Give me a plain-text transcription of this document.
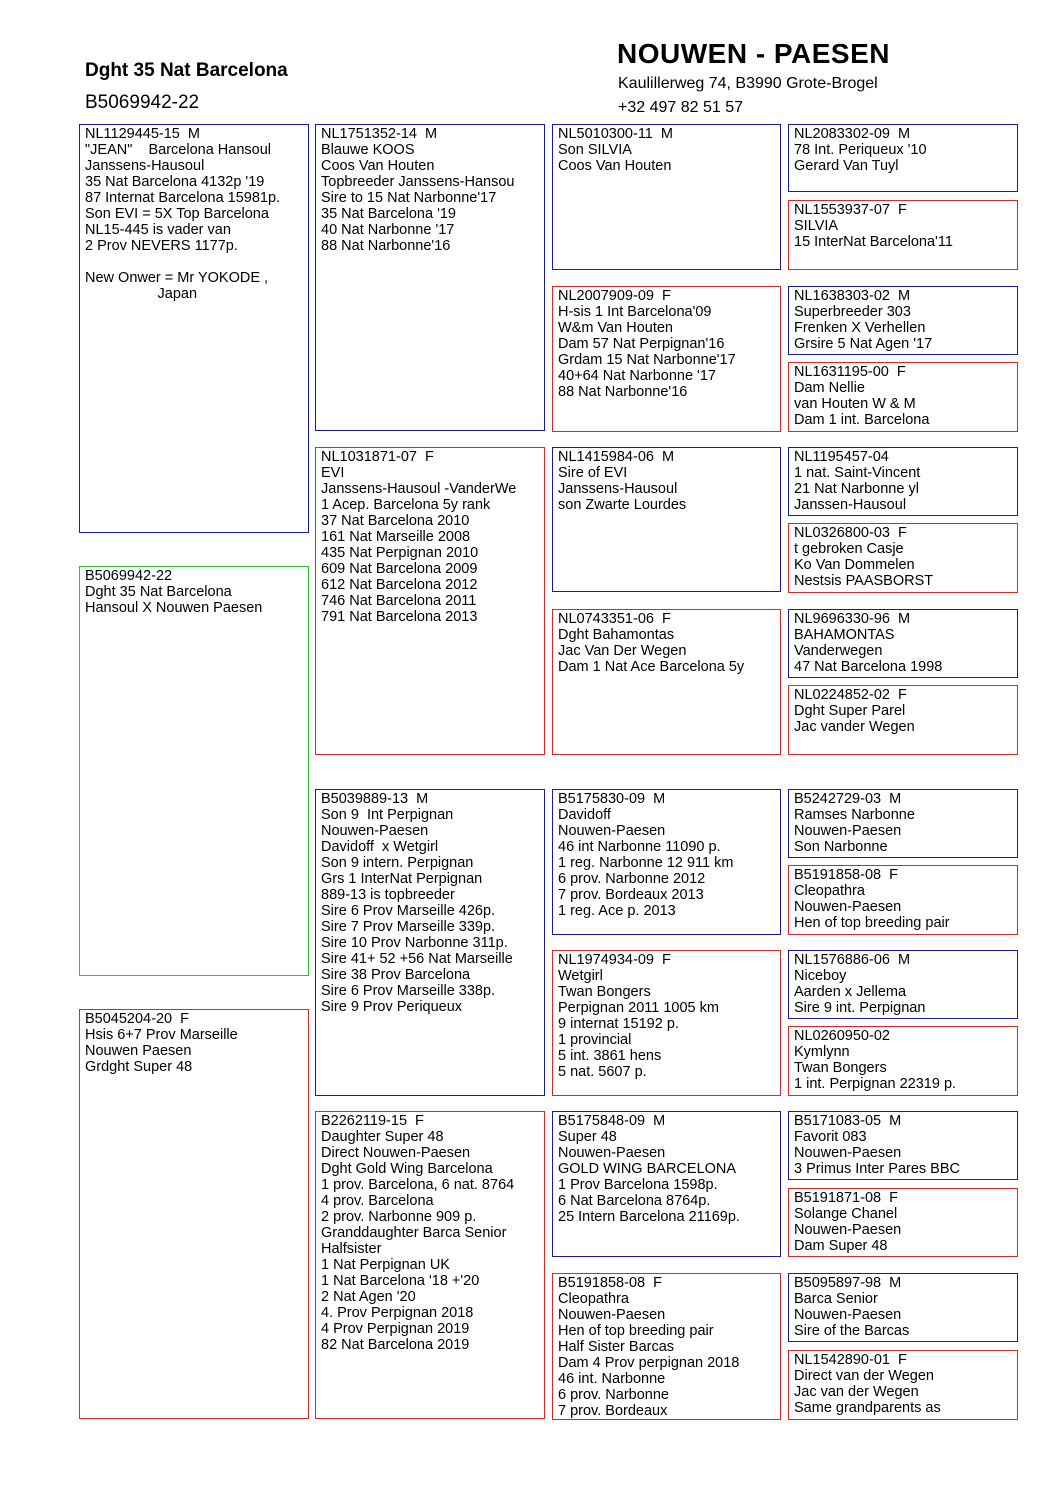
Dght 35 Nat Barcelona
B5069942-22
NOUWEN - PAESEN
Kaulillerweg 74, B3990 Grote-Brogel
+32 497 82 51 57
B5069942-22
Dght 35 Nat Barcelona
Hansoul X Nouwen Paesen
NL1129445-15  M
"JEAN"    Barcelona Hansoul
Janssens-Hausoul
35 Nat Barcelona 4132p '19
87 Internat Barcelona 15981p.
Son EVI = 5X Top Barcelona
NL15-445 is vader van
2 Prov NEVERS 1177p.
New Onwer = Mr YOKODE ,
Japan
B5045204-20  F
Hsis 6+7 Prov Marseille
Nouwen Paesen
Grdght Super 48
NL1751352-14  M
Blauwe KOOS
Coos Van Houten
Topbreeder Janssens-Hansou
Sire to 15 Nat Narbonne'17
35 Nat Barcelona '19
40 Nat Narbonne '17
88 Nat Narbonne'16
NL1031871-07  F
EVI
Janssens-Hausoul -VanderWe
1 Acep. Barcelona 5y rank
37 Nat Barcelona 2010
161 Nat Marseille 2008
435 Nat Perpignan 2010
609 Nat Barcelona 2009
612 Nat Barcelona 2012
746 Nat Barcelona 2011
791 Nat Barcelona 2013
B5039889-13  M
Son 9  Int Perpignan
Nouwen-Paesen
Davidoff  x Wetgirl
Son 9 intern. Perpignan
Grs 1 InterNat Perpignan
889-13 is topbreeder
Sire 6 Prov Marseille 426p.
Sire 7 Prov Marseille 339p.
Sire 10 Prov Narbonne 311p.
Sire 41+ 52 +56 Nat Marseille
Sire 38 Prov Barcelona
Sire 6 Prov Marseille 338p.
Sire 9 Prov Periqueux
B2262119-15  F
Daughter Super 48
Direct Nouwen-Paesen
Dght Gold Wing Barcelona
1 prov. Barcelona, 6 nat. 8764
4 prov. Barcelona
2 prov. Narbonne 909 p.
Granddaughter Barca Senior
Halfsister
1 Nat Perpignan UK
1 Nat Barcelona '18 +'20
2 Nat Agen '20
4. Prov Perpignan 2018
4 Prov Perpignan 2019
82 Nat Barcelona 2019
NL5010300-11  M
Son SILVIA
Coos Van Houten
NL2007909-09  F
H-sis 1 Int Barcelona'09
W&m Van Houten
Dam 57 Nat Perpignan'16
Grdam 15 Nat Narbonne'17
40+64 Nat Narbonne '17
88 Nat Narbonne'16
NL1415984-06  M
Sire of EVI
Janssens-Hausoul
son Zwarte Lourdes
NL0743351-06  F
Dght Bahamontas
Jac Van Der Wegen
Dam 1 Nat Ace Barcelona 5y
B5175830-09  M
Davidoff
Nouwen-Paesen
46 int Narbonne 11090 p.
1 reg. Narbonne 12 911 km
6 prov. Narbonne 2012
7 prov. Bordeaux 2013
1 reg. Ace p. 2013
NL1974934-09  F
Wetgirl
Twan Bongers
Perpignan 2011 1005 km
9 internat 15192 p.
1 provincial
5 int. 3861 hens
5 nat. 5607 p.
B5175848-09  M
Super 48
Nouwen-Paesen
GOLD WING BARCELONA
1 Prov Barcelona 1598p.
6 Nat Barcelona 8764p.
25 Intern Barcelona 21169p.
B5191858-08  F
Cleopathra
Nouwen-Paesen
Hen of top breeding pair
Half Sister Barcas
Dam 4 Prov perpignan 2018
46 int. Narbonne
6 prov. Narbonne
7 prov. Bordeaux
NL2083302-09  M
78 Int. Periqueux '10
Gerard Van Tuyl
NL1553937-07  F
SILVIA
15 InterNat Barcelona'11
NL1638303-02  M
Superbreeder 303
Frenken X Verhellen
Grsire 5 Nat Agen '17
NL1631195-00  F
Dam Nellie
van Houten W & M
Dam 1 int. Barcelona
NL1195457-04
1 nat. Saint-Vincent
21 Nat Narbonne yl
Janssen-Hausoul
NL0326800-03  F
t gebroken Casje
Ko Van Dommelen
Nestsis PAASBORST
NL9696330-96  M
BAHAMONTAS
Vanderwegen
47 Nat Barcelona 1998
NL0224852-02  F
Dght Super Parel
Jac vander Wegen
B5242729-03  M
Ramses Narbonne
Nouwen-Paesen
Son Narbonne
B5191858-08  F
Cleopathra
Nouwen-Paesen
Hen of top breeding pair
NL1576886-06  M
Niceboy
Aarden x Jellema
Sire 9 int. Perpignan
NL0260950-02
Kymlynn
Twan Bongers
1 int. Perpignan 22319 p.
B5171083-05  M
Favorit 083
Nouwen-Paesen
3 Primus Inter Pares BBC
B5191871-08  F
Solange Chanel
Nouwen-Paesen
Dam Super 48
B5095897-98  M
Barca Senior
Nouwen-Paesen
Sire of the Barcas
NL1542890-01  F
Direct van der Wegen
Jac van der Wegen
Same grandparents as
